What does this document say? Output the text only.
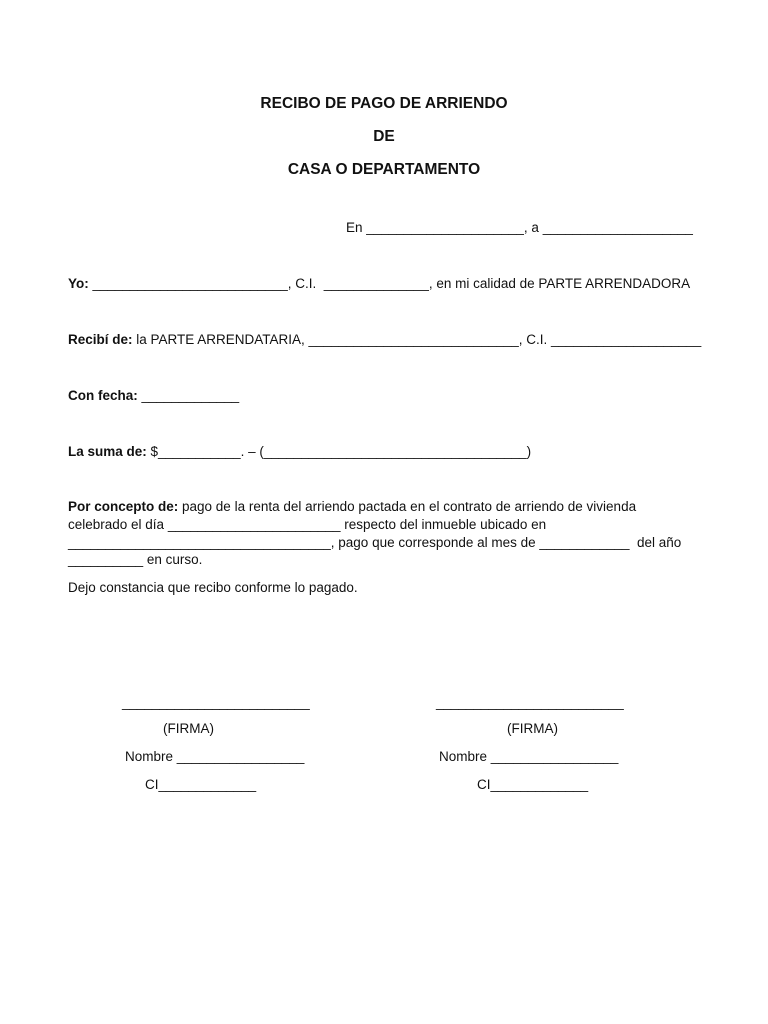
RECIBO DE PAGO DE ARRIENDO
DE
CASA O DEPARTAMENTO
En _____________________, a ____________________
Yo: __________________________, C.I.  ______________, en mi calidad de PARTE ARRENDADORA
Recibí de: la PARTE ARRENDATARIA, ____________________________, C.I. ____________________
Con fecha: _____________
La suma de: $___________. – (___________________________________)
Por concepto de: pago de la renta del arriendo pactada en el contrato de arriendo de vivienda
celebrado el día _______________________ respecto del inmueble ubicado en
___________________________________, pago que corresponde al mes de ____________  del año
__________ en curso.
Dejo constancia que recibo conforme lo pagado.
_________________________
(FIRMA)
Nombre _________________
CI_____________
_________________________
(FIRMA)
Nombre _________________
CI_____________
